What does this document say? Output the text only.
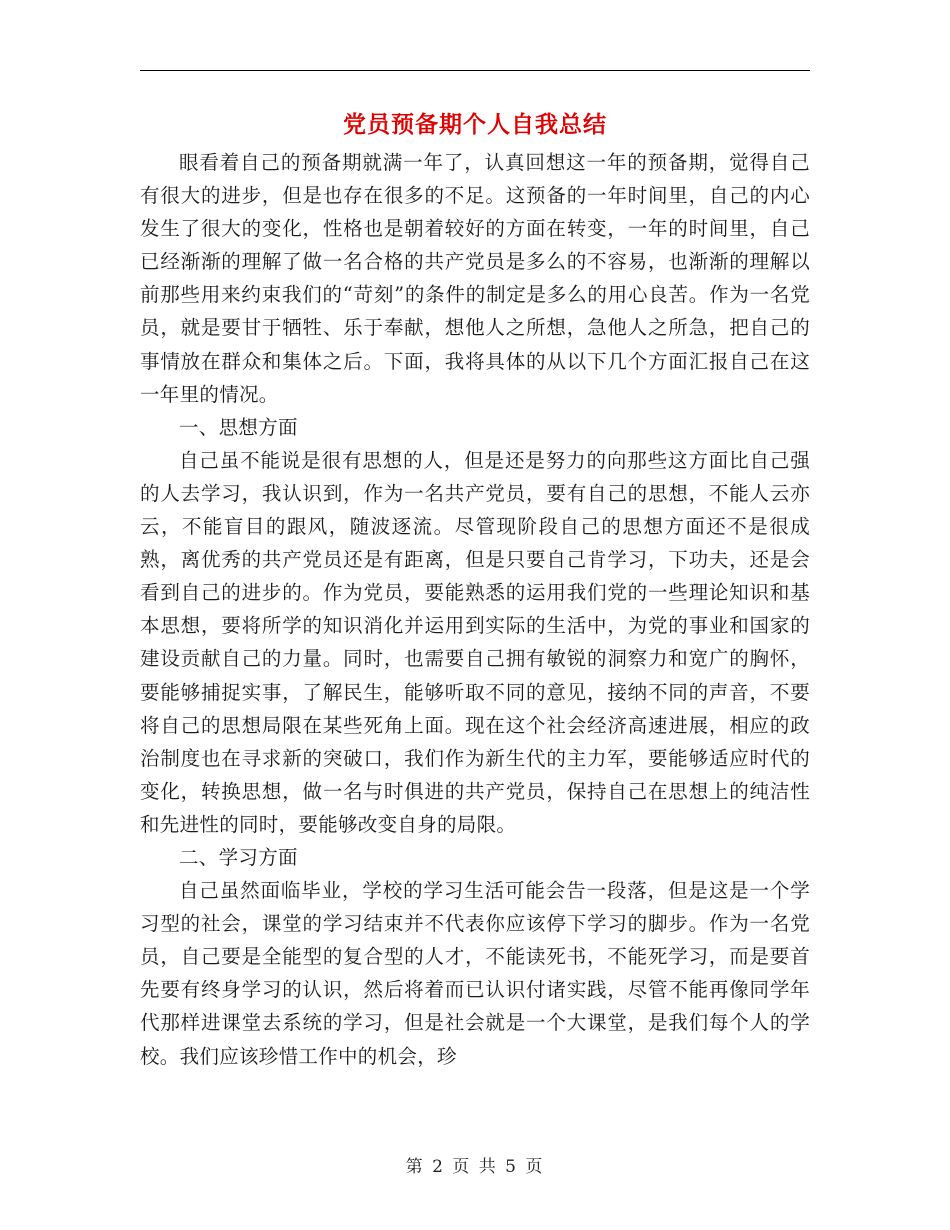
党员预备期个人自我总结

眼看着自己的预备期就满一年了，认真回想这一年的预备期，觉得自己有很大的进步，但是也存在很多的不足。这预备的一年时间里，自己的内心发生了很大的变化，性格也是朝着较好的方面在转变，一年的时间里，自己已经渐渐的理解了做一名合格的共产党员是多么的不容易，也渐渐的理解以前那些用来约束我们的“苛刻”的条件的制定是多么的用心良苦。作为一名党员，就是要甘于牺牲、乐于奉献，想他人之所想，急他人之所急，把自己的事情放在群众和集体之后。下面，我将具体的从以下几个方面汇报自己在这一年里的情况。

一、思想方面

自己虽不能说是很有思想的人，但是还是努力的向那些这方面比自己强的人去学习，我认识到，作为一名共产党员，要有自己的思想，不能人云亦云，不能盲目的跟风，随波逐流。尽管现阶段自己的思想方面还不是很成熟，离优秀的共产党员还是有距离，但是只要自己肯学习，下功夫，还是会看到自己的进步的。作为党员，要能熟悉的运用我们党的一些理论知识和基本思想，要将所学的知识消化并运用到实际的生活中，为党的事业和国家的建设贡献自己的力量。同时，也需要自己拥有敏锐的洞察力和宽广的胸怀，要能够捕捉实事，了解民生，能够听取不同的意见，接纳不同的声音，不要将自己的思想局限在某些死角上面。现在这个社会经济高速进展，相应的政治制度也在寻求新的突破口，我们作为新生代的主力军，要能够适应时代的变化，转换思想，做一名与时俱进的共产党员，保持自己在思想上的纯洁性和先进性的同时，要能够改变自身的局限。

二、学习方面

自己虽然面临毕业，学校的学习生活可能会告一段落，但是这是一个学习型的社会，课堂的学习结束并不代表你应该停下学习的脚步。作为一名党员，自己要是全能型的复合型的人才，不能读死书，不能死学习，而是要首先要有终身学习的认识，然后将着而已认识付诸实践，尽管不能再像同学年代那样进课堂去系统的学习，但是社会就是一个大课堂，是我们每个人的学校。我们应该珍惜工作中的机会，珍

第 2 页 共 5 页
